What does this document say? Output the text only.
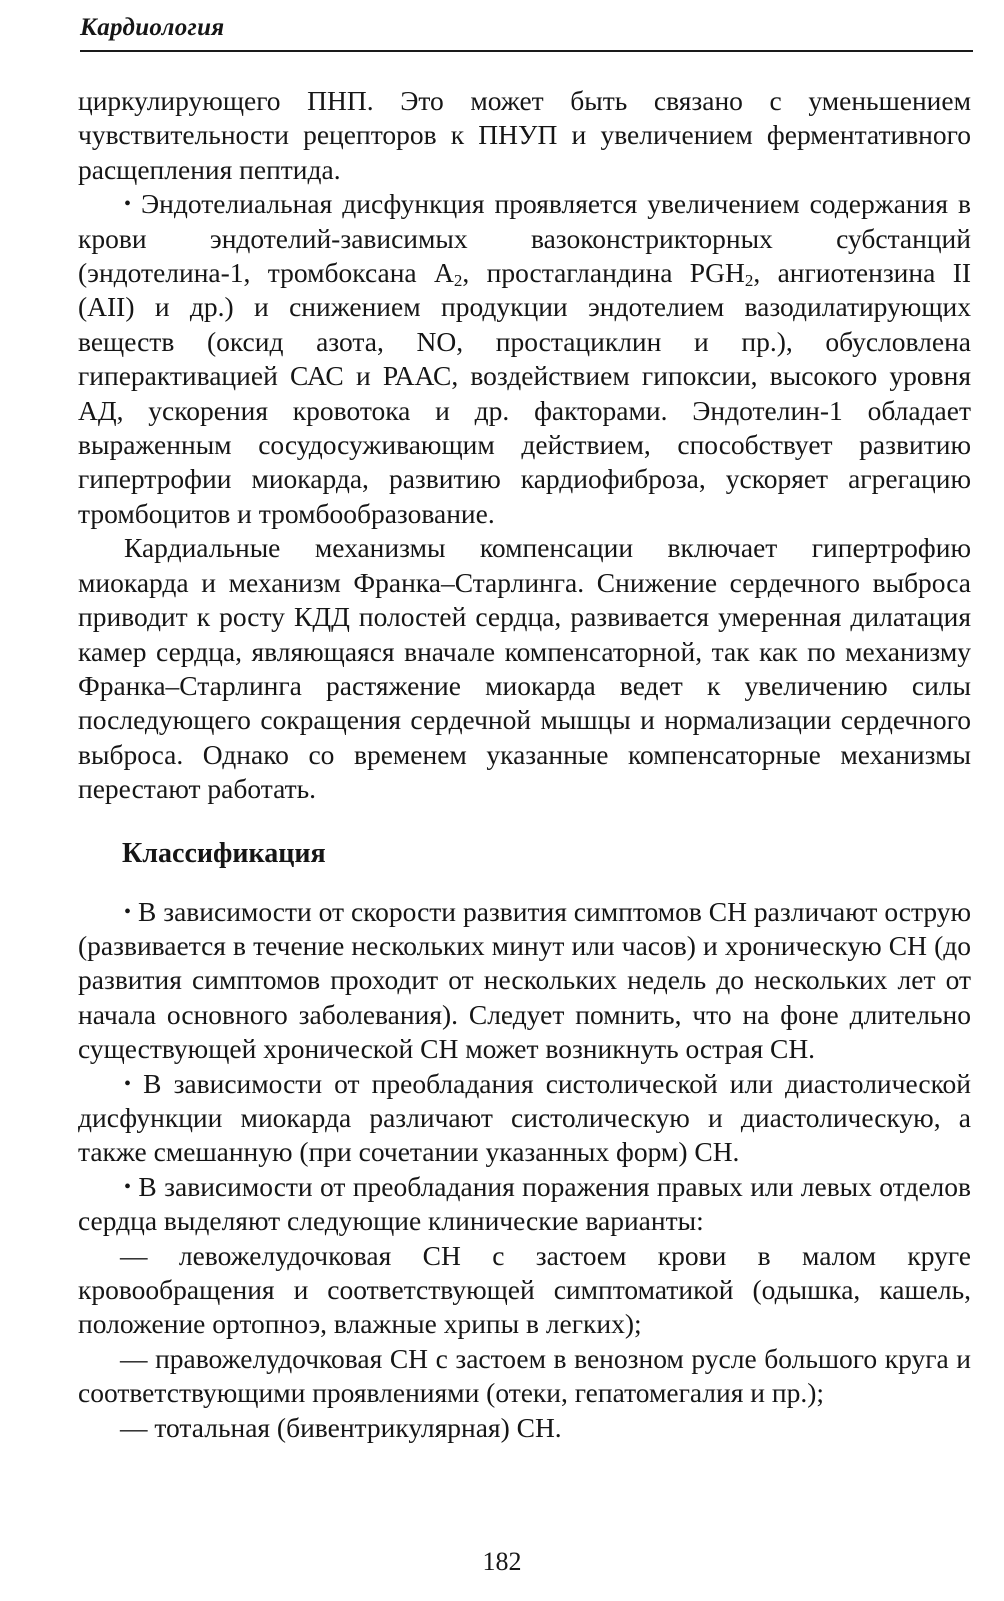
Кардиология

циркулирующего ПНП. Это может быть связано с уменьшением чувствительности рецепторов к ПНУП и увеличением ферментативного расщепления пептида.

• Эндотелиальная дисфункция проявляется увеличением содержания в крови эндотелий-зависимых вазоконстрикторных субстанций (эндотелина-1, тромбоксана $A_2$, простагландина $PGH_2$, ангиотензина II (AII) и др.) и снижением продукции эндотелием вазодилатирующих веществ (оксид азота, NO, простациклин и пр.), обусловлена гиперактивацией САС и РААС, воздействием гипоксии, высокого уровня АД, ускорения кровотока и др. факторами. Эндотелин-1 обладает выраженным сосудосуживающим действием, способствует развитию гипертрофии миокарда, развитию кардиофиброза, ускоряет агрегацию тромбоцитов и тромбообразование.

Кардиальные механизмы компенсации включает гипертрофию миокарда и механизм Франка–Старлинга. Снижение сердечного выброса приводит к росту КДД полостей сердца, развивается умеренная дилатация камер сердца, являющаяся вначале компенсаторной, так как по механизму Франка–Старлинга растяжение миокарда ведет к увеличению силы последующего сокращения сердечной мышцы и нормализации сердечного выброса. Однако со временем указанные компенсаторные механизмы перестают работать.

Классификация

• В зависимости от скорости развития симптомов СН различают острую (развивается в течение нескольких минут или часов) и хроническую СН (до развития симптомов проходит от нескольких недель до нескольких лет от начала основного заболевания). Следует помнить, что на фоне длительно существующей хронической СН может возникнуть острая СН.

• В зависимости от преобладания систолической или диастолической дисфункции миокарда различают систолическую и диастолическую, а также смешанную (при сочетании указанных форм) СН.

• В зависимости от преобладания поражения правых или левых отделов сердца выделяют следующие клинические варианты:

— левожелудочковая СН с застоем крови в малом круге кровообращения и соответствующей симптоматикой (одышка, кашель, положение ортопноэ, влажные хрипы в легких);

— правожелудочковая СН с застоем в венозном русле большого круга и соответствующими проявлениями (отеки, гепатомегалия и пр.);

— тотальная (бивентрикулярная) СН.

182
